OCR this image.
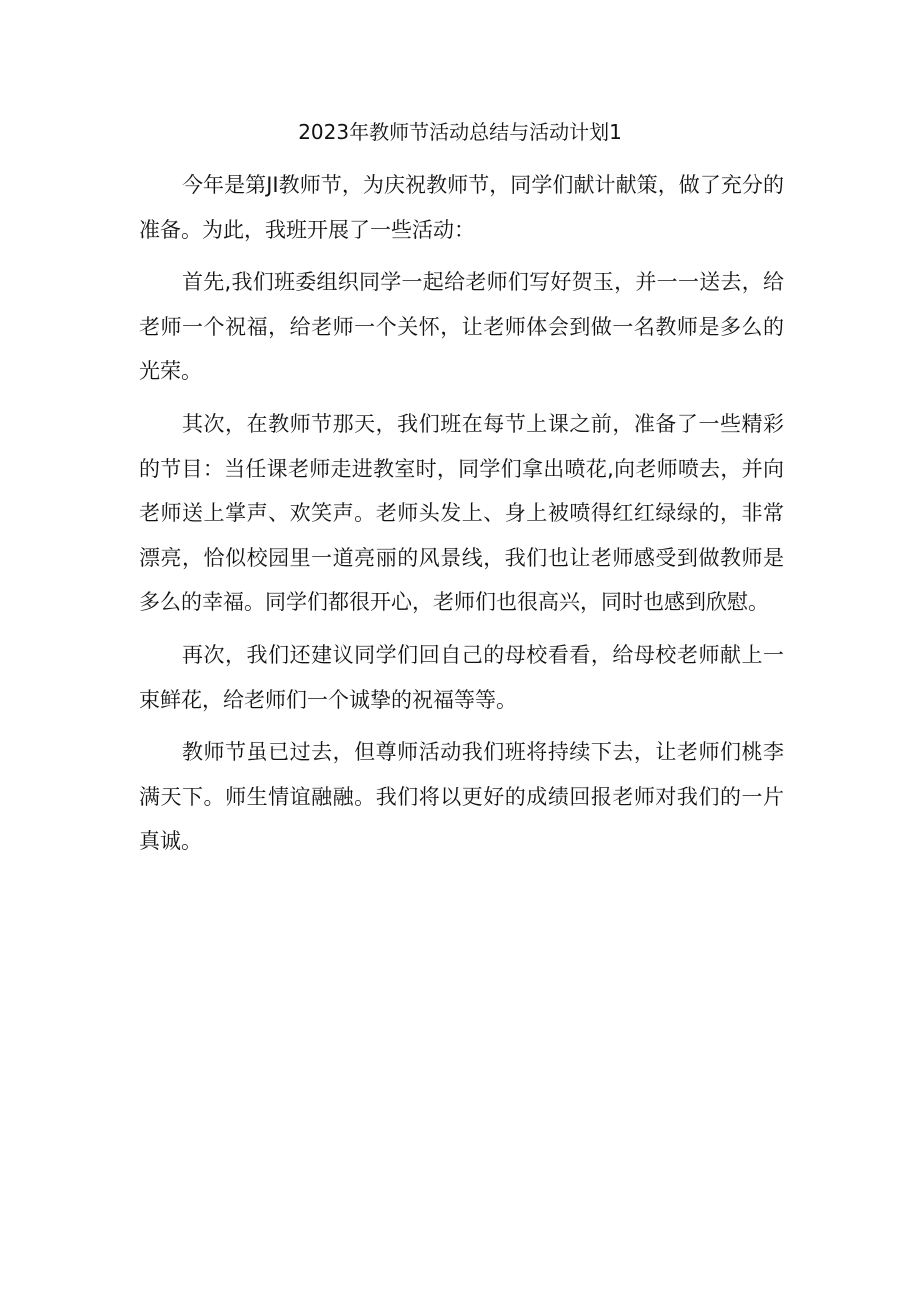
2023年教师节活动总结与活动计划1

今年是第JI教师节，为庆祝教师节，同学们献计献策，做了充分的准备。为此，我班开展了一些活动：

首先,我们班委组织同学一起给老师们写好贺玉，并一一送去，给老师一个祝福，给老师一个关怀，让老师体会到做一名教师是多么的光荣。

其次，在教师节那天，我们班在每节上课之前，准备了一些精彩的节目：当任课老师走进教室时，同学们拿出喷花,向老师喷去，并向老师送上掌声、欢笑声。老师头发上、身上被喷得红红绿绿的，非常漂亮，恰似校园里一道亮丽的风景线，我们也让老师感受到做教师是多么的幸福。同学们都很开心，老师们也很高兴，同时也感到欣慰。

再次，我们还建议同学们回自己的母校看看，给母校老师献上一束鲜花，给老师们一个诚挚的祝福等等。

教师节虽已过去，但尊师活动我们班将持续下去，让老师们桃李满天下。师生情谊融融。我们将以更好的成绩回报老师对我们的一片真诚。
